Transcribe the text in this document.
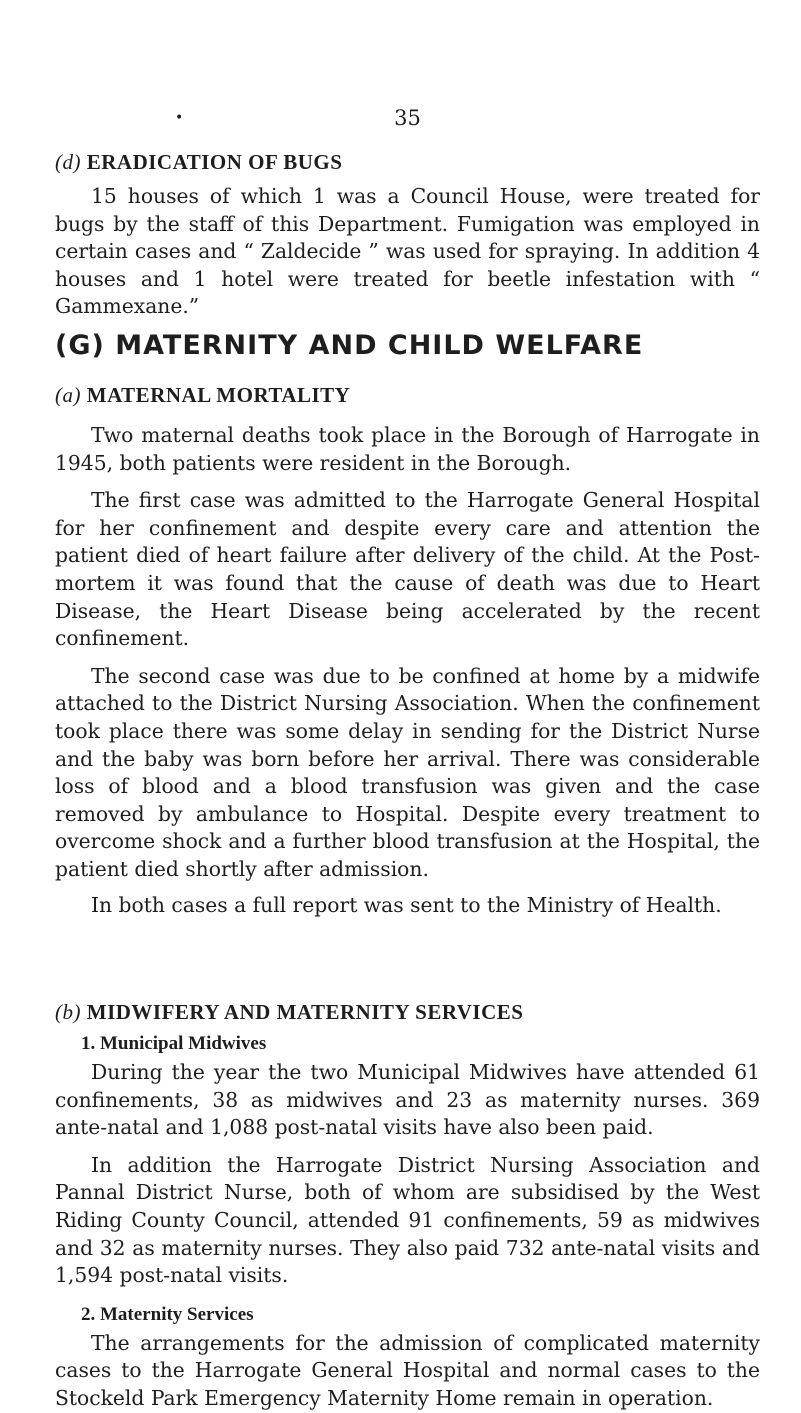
•	35
(d) ERADICATION OF BUGS

15 houses of which 1 was a Council House, were treated for bugs by the staff of this Department. Fumigation was employed in certain cases and “ Zaldecide ” was used for spraying. In addition 4 houses and 1 hotel were treated for beetle infestation with “ Gammexane.”

(G) MATERNITY AND CHILD WELFARE
(a) MATERNAL MORTALITY

Two maternal deaths took place in the Borough of Harrogate in 1945, both patients were resident in the Borough.

The first case was admitted to the Harrogate General Hospital for her confinement and despite every care and attention the patient died of heart failure after delivery of the child. At the Post-mortem it was found that the cause of death was due to Heart Disease, the Heart Disease being accelerated by the recent confinement.

The second case was due to be confined at home by a midwife attached to the District Nursing Association. When the confinement took place there was some delay in sending for the District Nurse and the baby was born before her arrival. There was considerable loss of blood and a blood transfusion was given and the case removed by ambulance to Hospital. Despite every treatment to overcome shock and a further blood transfusion at the Hospital, the patient died shortly after admission.

In both cases a full report was sent to the Ministry of Health.

(b) MIDWIFERY AND MATERNITY SERVICES
1. Municipal Midwives

During the year the two Municipal Midwives have attended 61 confinements, 38 as midwives and 23 as maternity nurses. 369 ante-natal and 1,088 post-natal visits have also been paid.

In addition the Harrogate District Nursing Association and Pannal District Nurse, both of whom are subsidised by the West Riding County Council, attended 91 confinements, 59 as midwives and 32 as maternity nurses. They also paid 732 ante-natal visits and 1,594 post-natal visits.

2. Maternity Services

The arrangements for the admission of complicated maternity cases to the Harrogate General Hospital and normal cases to the Stockeld Park Emergency Maternity Home remain in operation.
